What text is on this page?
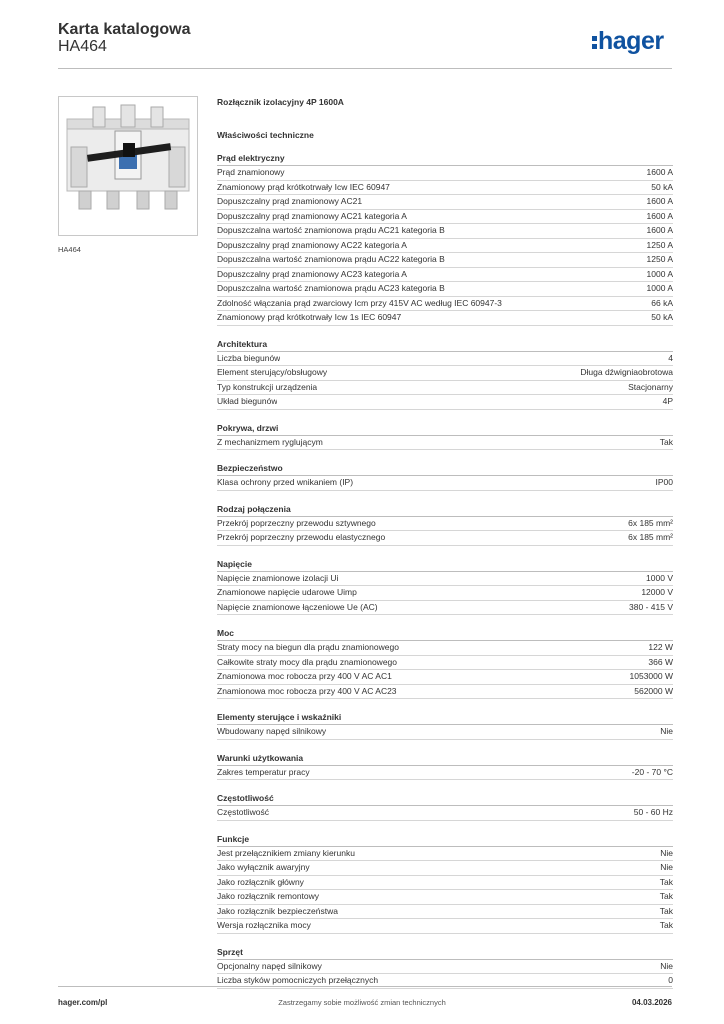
Karta katalogowa
HA464	hager
HA464
Rozłącznik izolacyjny 4P 1600A
Właściwości techniczne
Prąd elektryczny
Prąd znamionowy	1600 A
Znamionowy prąd krótkotrwały Icw IEC 60947	50 kA
Dopuszczalny prąd znamionowy AC21	1600 A
Dopuszczalny prąd znamionowy AC21 kategoria A	1600 A
Dopuszczalna wartość znamionowa prądu AC21 kategoria B	1600 A
Dopuszczalny prąd znamionowy AC22 kategoria A	1250 A
Dopuszczalna wartość znamionowa prądu AC22 kategoria B	1250 A
Dopuszczalny prąd znamionowy AC23 kategoria A	1000 A
Dopuszczalna wartość znamionowa prądu AC23 kategoria B	1000 A
Zdolność włączania prąd zwarciowy Icm przy 415V AC według IEC 60947-3	66 kA
Znamionowy prąd krótkotrwały Icw 1s IEC 60947	50 kA
Architektura
Liczba biegunów	4
Element sterujący/obsługowy	Długa dźwigniaobrotowa
Typ konstrukcji urządzenia	Stacjonarny
Układ biegunów	4P
Pokrywa, drzwi
Z mechanizmem ryglującym	Tak
Bezpieczeństwo
Klasa ochrony przed wnikaniem (IP)	IP00
Rodzaj połączenia
Przekrój poprzeczny przewodu sztywnego	6x 185 mm²
Przekrój poprzeczny przewodu elastycznego	6x 185 mm²
Napięcie
Napięcie znamionowe izolacji Ui	1000 V
Znamionowe napięcie udarowe Uimp	12000 V
Napięcie znamionowe łączeniowe Ue (AC)	380 - 415 V
Moc
Straty mocy na biegun dla prądu znamionowego	122 W
Całkowite straty mocy dla prądu znamionowego	366 W
Znamionowa moc robocza przy 400 V AC AC1	1053000 W
Znamionowa moc robocza przy 400 V AC AC23	562000 W
Elementy sterujące i wskaźniki
Wbudowany napęd silnikowy	Nie
Warunki użytkowania
Zakres temperatur pracy	-20 - 70 °C
Częstotliwość
Częstotliwość	50 - 60 Hz
Funkcje
Jest przełącznikiem zmiany kierunku	Nie
Jako wyłącznik awaryjny	Nie
Jako rozłącznik główny	Tak
Jako rozłącznik remontowy	Tak
Jako rozłącznik bezpieczeństwa	Tak
Wersja rozłącznika mocy	Tak
Sprzęt
Opcjonalny napęd silnikowy	Nie
Liczba styków pomocniczych przełącznych	0
hager.com/pl	Zastrzegamy sobie możliwość zmian technicznych	04.03.2026
